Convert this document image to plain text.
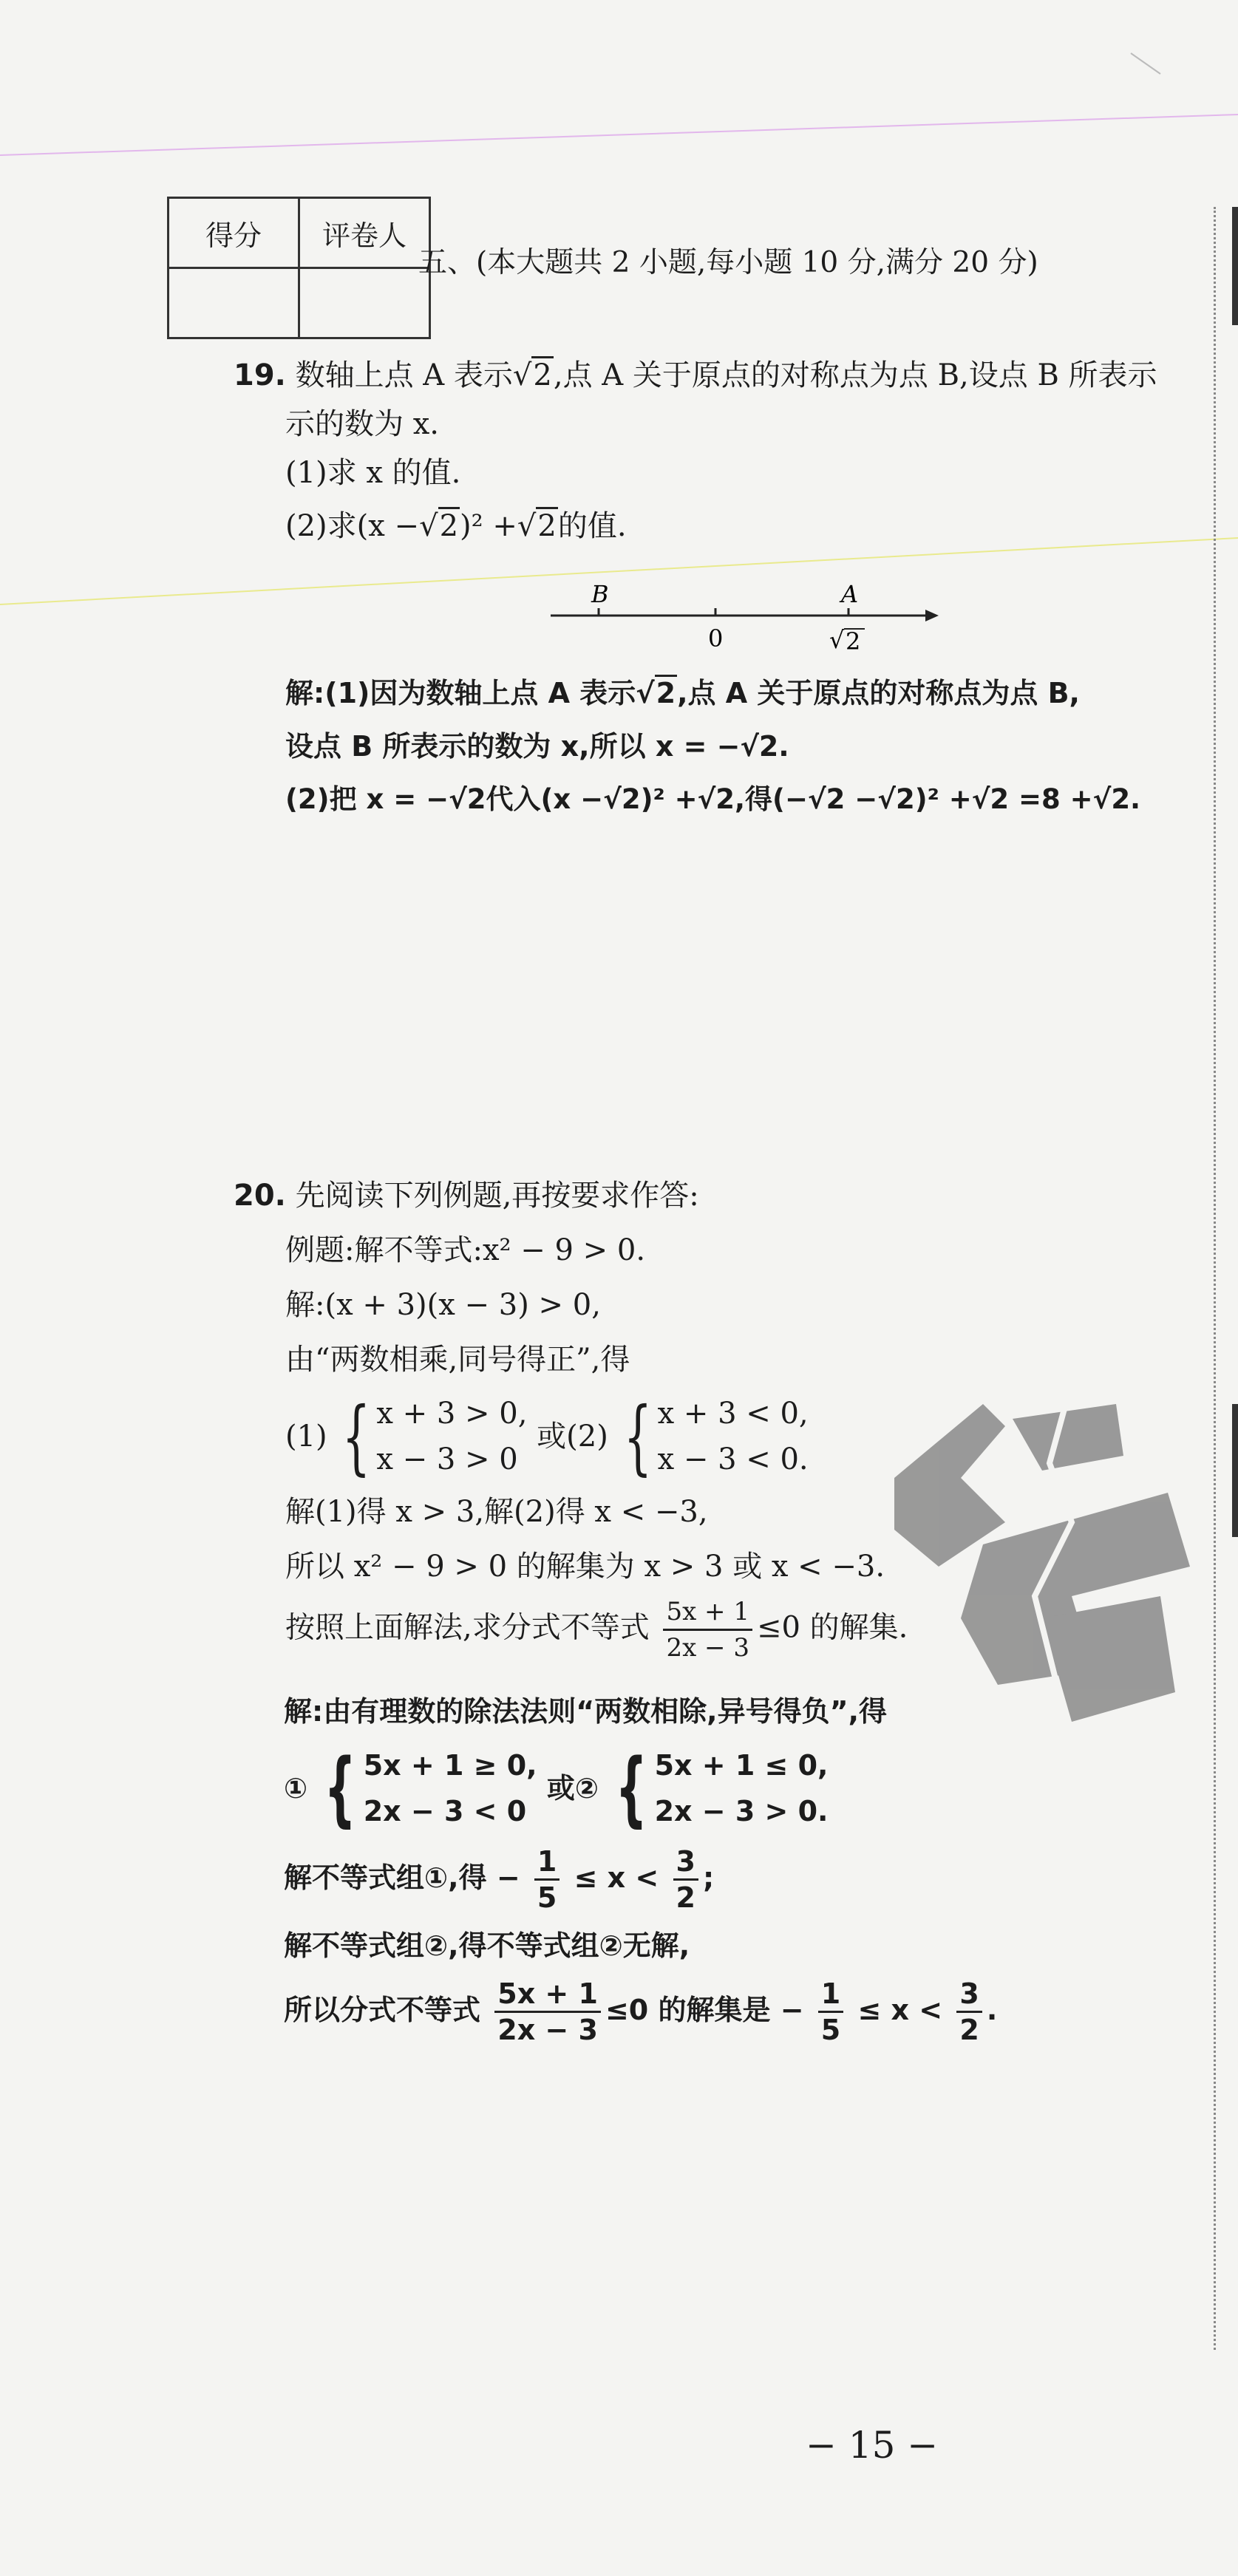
得分	评卷人

五、(本大题共 2 小题,每小题 10 分,满分 20 分)
19. 数轴上点 A 表示√2,点 A 关于原点的对称点为点 B,设点 B 所表示
示的数为 x.
(1)求 x 的值.
(2)求(x −√2)² +√2的值.
B	A
0	√ 2
解:(1)因为数轴上点 A 表示√2,点 A 关于原点的对称点为点 B,
设点 B 所表示的数为 x,所以 x = −√2.
(2)把 x = −√2代入(x −√2)² +√2,得(−√2 −√2)² +√2 =8 +√2.
20. 先阅读下列例题,再按要求作答:
例题:解不等式:x² − 9 > 0.
解:(x + 3)(x − 3) > 0,
由“两数相乘,同号得正”,得
(1) { x + 3 > 0,
x − 3 > 0
或(2) { x + 3 < 0,
x − 3 < 0.
解(1)得 x > 3,解(2)得 x < −3,
所以 x² − 9 > 0 的解集为 x > 3 或 x < −3.
按照上面解法,求分式不等式 $\frac{5x + 1}{2x - 3} \le 0$ 的解集.
解:由有理数的除法法则“两数相除,异号得负”,得
① { 5x + 1 ≥ 0,
2x − 3 < 0
或② { 5x + 1 ≤ 0,
2x − 3 > 0.
解不等式组①,得 − $\frac{1}{5} \le x < \frac{3}{2}$ ;
解不等式组②,得不等式组②无解,
所以分式不等式 $\frac{5x + 1}{2x - 3} \le 0$ 的解集是 − $\frac{1}{5} \le x < \frac{3}{2}$ .
− 15 −
